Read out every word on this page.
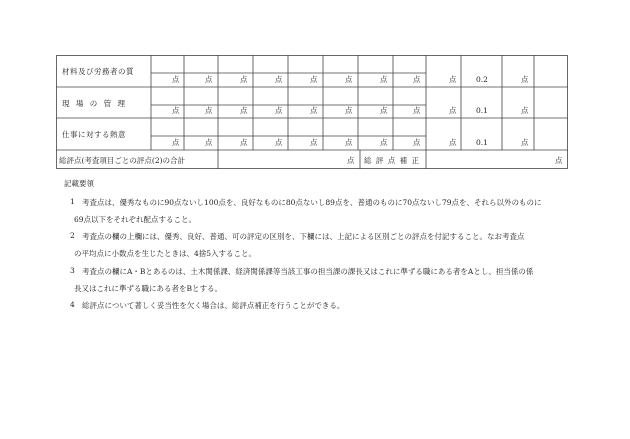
材料及び労務者の質
点	点	点	点	点	点	点	点	点	0.2	点
現 場 の 管 理
点	点	点	点	点	点	点	点	点	0.1	点
仕事に対する熱意
点	点	点	点	点	点	点	点	点	0.1	点
総評点(考査項目ごとの評点(2)の合計	点 総 評 点 補 正	点
記載要領
1 考査点は、優秀なものに90点ないし100点を、良好なものに80点ないし89点を、普通のものに70点ないし79点を、それら以外のものに
69点以下をそれぞれ配点すること。
2 考査点の欄の上欄には、優秀、良好、普通、可の評定の区別を、下欄には、上記による区別ごとの評点を付記すること。なお考査点
の平均点に小数点を生じたときは、4捨5入すること。
3 考査点の欄にA・Bとあるのは、土木関係課、経済関係課等当該工事の担当課の課長又はこれに準ずる職にある者をAとし、担当係の係
長又はこれに準ずる職にある者をBとする。
4 総評点について著しく妥当性を欠く場合は、総評点補正を行うことができる。
